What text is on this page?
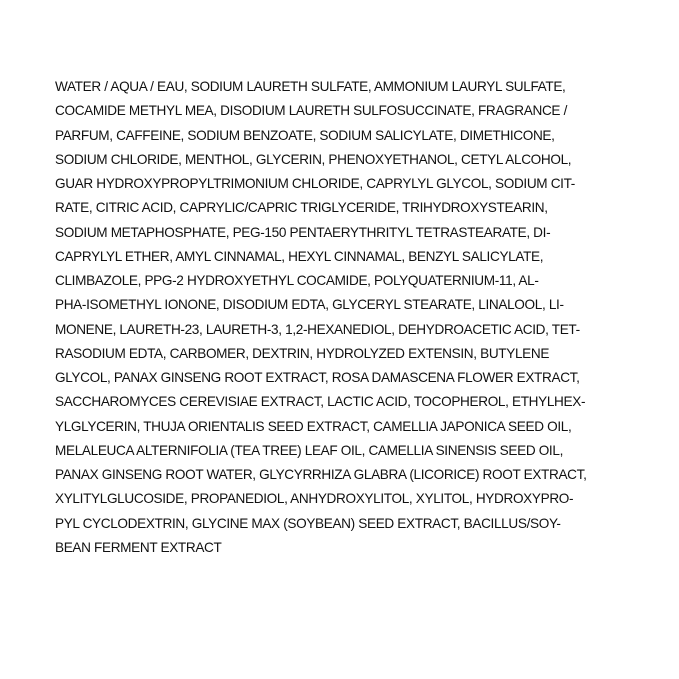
WATER / AQUA / EAU, SODIUM LAURETH SULFATE, AMMONIUM LAURYL SULFATE,
COCAMIDE METHYL MEA, DISODIUM LAURETH SULFOSUCCINATE, FRAGRANCE /
PARFUM, CAFFEINE, SODIUM BENZOATE, SODIUM SALICYLATE, DIMETHICONE,
SODIUM CHLORIDE, MENTHOL, GLYCERIN, PHENOXYETHANOL, CETYL ALCOHOL,
GUAR HYDROXYPROPYLTRIMONIUM CHLORIDE, CAPRYLYL GLYCOL, SODIUM CIT-
RATE, CITRIC ACID, CAPRYLIC/CAPRIC TRIGLYCERIDE, TRIHYDROXYSTEARIN,
SODIUM METAPHOSPHATE, PEG-150 PENTAERYTHRITYL TETRASTEARATE, DI-
CAPRYLYL ETHER, AMYL CINNAMAL, HEXYL CINNAMAL, BENZYL SALICYLATE,
CLIMBAZOLE, PPG-2 HYDROXYETHYL COCAMIDE, POLYQUATERNIUM-11, AL-
PHA-ISOMETHYL IONONE, DISODIUM EDTA, GLYCERYL STEARATE, LINALOOL, LI-
MONENE, LAURETH-23, LAURETH-3, 1,2-HEXANEDIOL, DEHYDROACETIC ACID, TET-
RASODIUM EDTA, CARBOMER, DEXTRIN, HYDROLYZED EXTENSIN, BUTYLENE
GLYCOL, PANAX GINSENG ROOT EXTRACT, ROSA DAMASCENA FLOWER EXTRACT,
SACCHAROMYCES CEREVISIAE EXTRACT, LACTIC ACID, TOCOPHEROL, ETHYLHEX-
YLGLYCERIN, THUJA ORIENTALIS SEED EXTRACT, CAMELLIA JAPONICA SEED OIL,
MELALEUCA ALTERNIFOLIA (TEA TREE) LEAF OIL, CAMELLIA SINENSIS SEED OIL,
PANAX GINSENG ROOT WATER, GLYCYRRHIZA GLABRA (LICORICE) ROOT EXTRACT,
XYLITYLGLUCOSIDE, PROPANEDIOL, ANHYDROXYLITOL, XYLITOL, HYDROXYPRO-
PYL CYCLODEXTRIN, GLYCINE MAX (SOYBEAN) SEED EXTRACT, BACILLUS/SOY-
BEAN FERMENT EXTRACT
